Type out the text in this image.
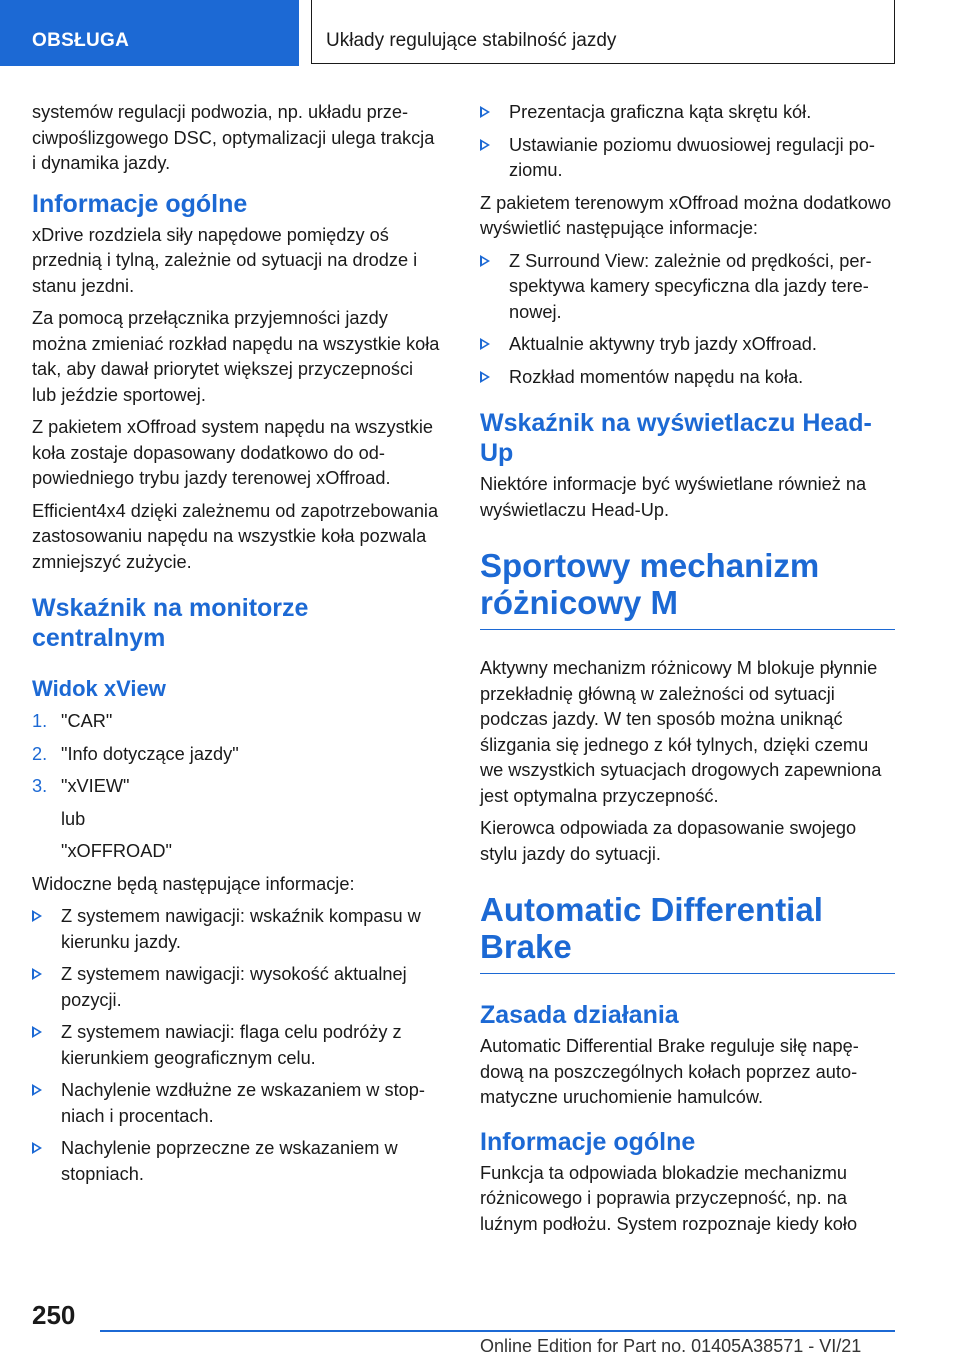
OBSŁUGA	Układy regulujące stabilność jazdy

systemów regulacji podwozia, np. układu przeciwpoślizgowego DSC, optymalizacji ulega trakcja i dynamika jazdy.

Informacje ogólne

xDrive rozdziela siły napędowe pomiędzy oś przednią i tylną, zależnie od sytuacji na drodze i stanu jezdni.

Za pomocą przełącznika przyjemności jazdy można zmieniać rozkład napędu na wszystkie koła tak, aby dawał priorytet większej przyczepności lub jeździe sportowej.

Z pakietem xOffroad system napędu na wszystkie koła zostaje dopasowany dodatkowo do odpowiedniego trybu jazdy terenowej xOffroad.

Efficient4x4 dzięki zależnemu od zapotrzebowania zastosowaniu napędu na wszystkie koła pozwala zmniejszyć zużycie.

Wskaźnik na monitorze centralnym
Widok xView
1. "CAR"
2. "Info dotyczące jazdy"
3. "xVIEW"

lub

"xOFFROAD"

Widoczne będą następujące informacje:

Z systemem nawigacji: wskaźnik kompasu w kierunku jazdy.
Z systemem nawigacji: wysokość aktualnej pozycji.
Z systemem nawiacji: flaga celu podróży z kierunkiem geograficznym celu.
Nachylenie wzdłużne ze wskazaniem w stopniach i procentach.
Nachylenie poprzeczne ze wskazaniem w stopniach.
Prezentacja graficzna kąta skrętu kół.
Ustawianie poziomu dwuosiowej regulacji poziomu.

Z pakietem terenowym xOffroad można dodatkowo wyświetlić następujące informacje:

Z Surround View: zależnie od prędkości, perspektywa kamery specyficzna dla jazdy terenowej.
Aktualnie aktywny tryb jazdy xOffroad.
Rozkład momentów napędu na koła.
Wskaźnik na wyświetlaczu Head-Up

Niektóre informacje być wyświetlane również na wyświetlaczu Head-Up.

Sportowy mechanizm różnicowy M

Aktywny mechanizm różnicowy M blokuje płynnie przekładnię główną w zależności od sytuacji podczas jazdy. W ten sposób można uniknąć ślizgania się jednego z kół tylnych, dzięki czemu we wszystkich sytuacjach drogowych zapewniona jest optymalna przyczepność.

Kierowca odpowiada za dopasowanie swojego stylu jazdy do sytuacji.

Automatic Differential Brake
Zasada działania

Automatic Differential Brake reguluje siłę napędową na poszczególnych kołach poprzez automatyczne uruchomienie hamulców.

Informacje ogólne

Funkcja ta odpowiada blokadzie mechanizmu różnicowego i poprawia przyczepność, np. na luźnym podłożu. System rozpoznaje kiedy koło

250
Online Edition for Part no. 01405A38571 - VI/21
